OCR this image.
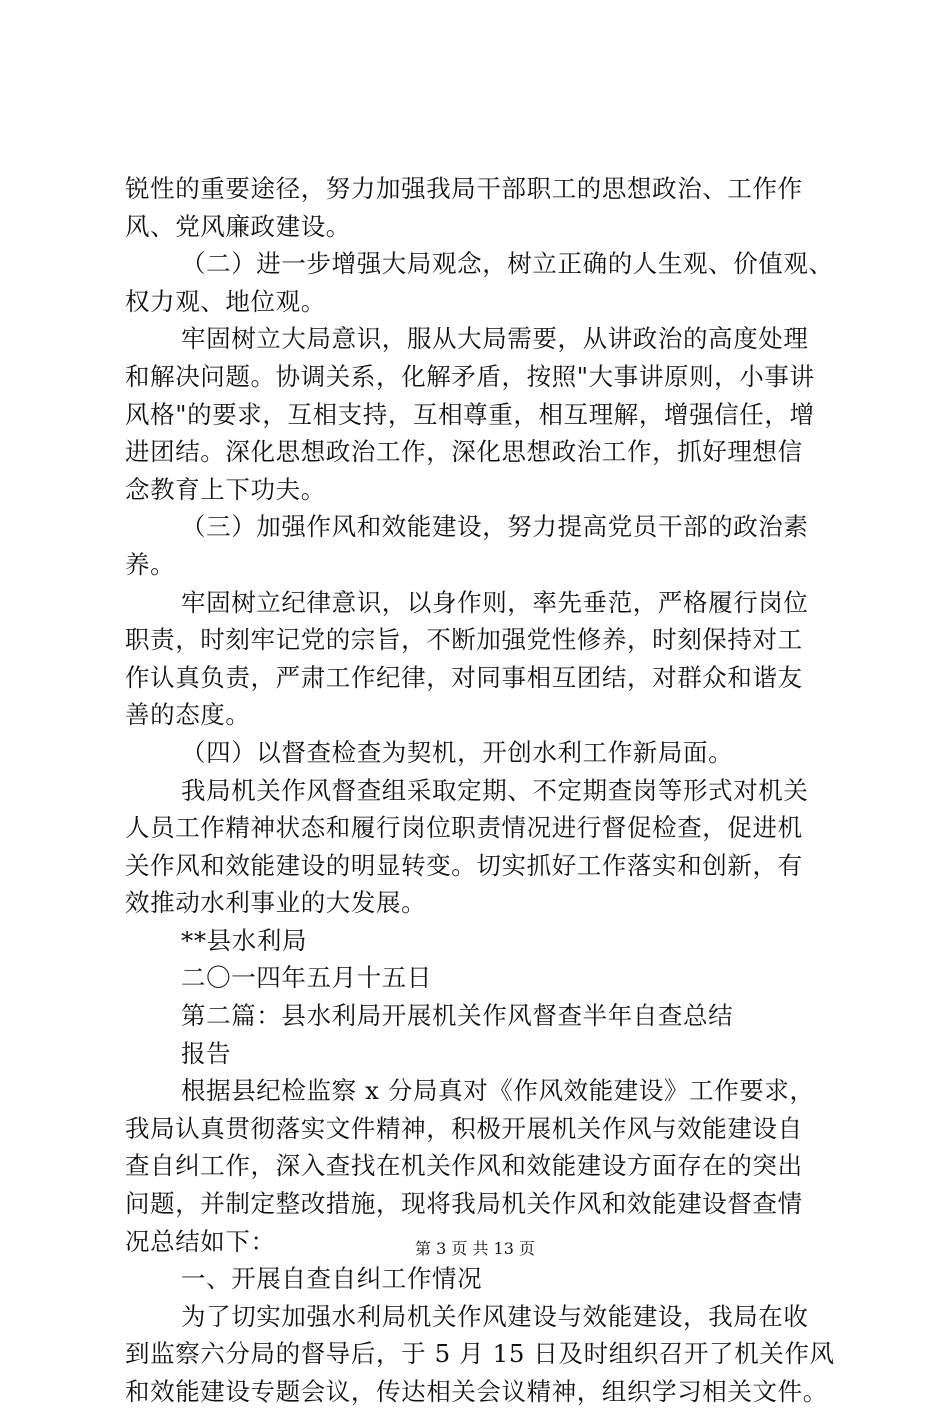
锐性的重要途径，努力加强我局干部职工的思想政治、工作作
风、党风廉政建设。
（二）进一步增强大局观念，树立正确的人生观、价值观、
权力观、地位观。
牢固树立大局意识，服从大局需要，从讲政治的高度处理
和解决问题。协调关系，化解矛盾，按照"大事讲原则，小事讲
风格"的要求，互相支持，互相尊重，相互理解，增强信任，增
进团结。深化思想政治工作，深化思想政治工作，抓好理想信
念教育上下功夫。
（三）加强作风和效能建设，努力提高党员干部的政治素
养。
牢固树立纪律意识，以身作则，率先垂范，严格履行岗位
职责，时刻牢记党的宗旨，不断加强党性修养，时刻保持对工
作认真负责，严肃工作纪律，对同事相互团结，对群众和谐友
善的态度。
（四）以督查检查为契机，开创水利工作新局面。
我局机关作风督查组采取定期、不定期查岗等形式对机关
人员工作精神状态和履行岗位职责情况进行督促检查，促进机
关作风和效能建设的明显转变。切实抓好工作落实和创新，有
效推动水利事业的大发展。
**县水利局
二〇一四年五月十五日
第二篇：县水利局开展机关作风督查半年自查总结
报告
根据县纪检监察 x 分局真对《作风效能建设》工作要求，
我局认真贯彻落实文件精神，积极开展机关作风与效能建设自
查自纠工作，深入查找在机关作风和效能建设方面存在的突出
问题，并制定整改措施，现将我局机关作风和效能建设督查情
况总结如下：
一、开展自查自纠工作情况
为了切实加强水利局机关作风建设与效能建设，我局在收
到监察六分局的督导后，于 5 月 15 日及时组织召开了机关作风
和效能建设专题会议，传达相关会议精神，组织学习相关文件。
第 3 页 共 13 页
